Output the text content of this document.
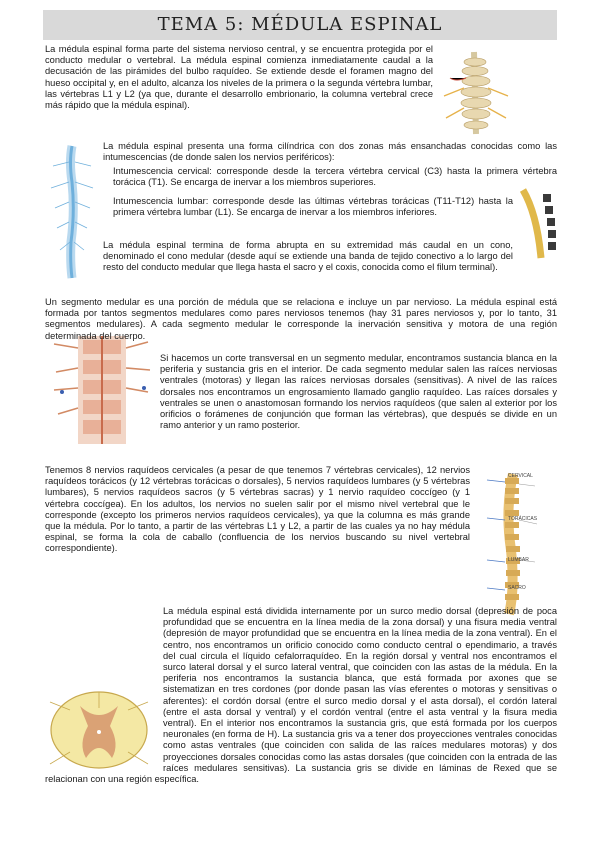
TEMA 5: MÉDULA ESPINAL
CERVICAL
TORÁCICAS
LUMBAR
SACRO
La médula espinal forma parte del sistema nervioso central, y se encuentra protegida por el conducto medular o vertebral. La médula espinal comienza inmediatamente caudal a la decusación de las pirámides del bulbo raquídeo. Se extiende desde el foramen magno del hueso occipital y, en el adulto, alcanza los niveles de la primera o la segunda vértebra lumbar, las vértebras L1 y L2 (ya que, durante el desarrollo embrionario, la columna vertebral crece más rápido que la médula espinal).
La médula espinal presenta una forma cilíndrica con dos zonas más ensanchadas conocidas como las intumescencias (de donde salen los nervios periféricos):
Intumescencia cervical: corresponde desde la tercera vértebra cervical (C3) hasta la primera vértebra torácica (T1). Se encarga de inervar a los miembros superiores.
Intumescencia lumbar: corresponde desde las últimas vértebras torácicas (T11-T12) hasta la primera vértebra lumbar (L1). Se encarga de inervar a los miembros inferiores.
La médula espinal termina de forma abrupta en su extremidad más caudal en un cono, denominado el cono medular (desde aquí se extiende una banda de tejido conectivo a lo largo del resto del conducto medular que llega hasta el sacro y el coxis, conocida como el filum terminal).
Un segmento medular es una porción de médula que se relaciona e incluye un par nervioso. La médula espinal está formada por tantos segmentos medulares como pares nerviosos tenemos (hay 31 pares nerviosos y, por lo tanto, 31 segmentos medulares). A cada segmento medular le corresponde la inervación sensitiva y motora de una región determinada del cuerpo.
Si hacemos un corte transversal en un segmento medular, encontramos sustancia blanca en la periferia y sustancia gris en el interior. De cada segmento medular salen las raíces nerviosas ventrales (motoras) y llegan las raíces nerviosas dorsales (sensitivas). A nivel de las raíces dorsales nos encontramos un engrosamiento llamado ganglio raquídeo. Las raíces dorsales y ventrales se unen o anastomosan formando los nervios raquídeos (que salen al exterior por los orificios o forámenes de conjunción que forman las vértebras), que después se divide en un ramo anterior y un ramo posterior.
Tenemos 8 nervios raquídeos cervicales (a pesar de que tenemos 7 vértebras cervicales), 12 nervios raquídeos torácicos (y 12 vértebras torácicas o dorsales), 5 nervios raquídeos lumbares (y 5 vértebras lumbares), 5 nervios raquídeos sacros (y 5 vértebras sacras) y 1 nervio raquídeo coccígeo (y 1 vértebra coccígea). En los adultos, los nervios no suelen salir por el mismo nivel vertebral que le corresponde (excepto los primeros nervios raquídeos cervicales), ya que la columna es más grande que la médula. Por lo tanto, a partir de las vértebras L1 y L2, a partir de las cuales ya no hay médula espinal, se forma la cola de caballo (confluencia de los nervios buscando su nivel vertebral correspondiente).
La médula espinal está dividida internamente por un surco medio dorsal (depresión de poca profundidad que se encuentra en la línea media de la zona dorsal) y una fisura media ventral (depresión de mayor profundidad que se encuentra en la línea media de la zona ventral). En el centro, nos encontramos un orificio conocido como conducto central o ependimario, a través del cual circula el líquido cefalorraquídeo. En la región dorsal y ventral nos encontramos el surco lateral dorsal y el surco lateral ventral, que coinciden con las astas de la médula. En la periferia nos encontramos la sustancia blanca, que está formada por axones que se sistematizan en tres cordones (por donde pasan las vías eferentes o motoras y sensitivas o aferentes): el cordón dorsal (entre el surco medio dorsal y el asta dorsal), el cordón lateral (entre el asta dorsal y ventral) y el cordón ventral (entre el asta ventral y la fisura media ventral). En el interior nos encontramos la sustancia gris, que está formada por los cuerpos neuronales (en forma de H). La sustancia gris va a tener dos proyecciones ventrales conocidas como astas ventrales (que coinciden con salida de las raíces medulares motoras) y dos proyecciones dorsales conocidas como las astas dorsales (que coinciden con la entrada de las raíces medulares sensitivas). La sustancia gris se divide en láminas de Rexed que se relacionan con una región específica.
